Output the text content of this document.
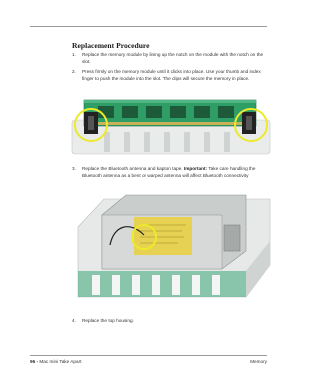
Replacement Procedure
1. Replace the memory module by lining up the notch on the module with the notch on the slot.
2. Press firmly on the memory module until it clicks into place. Use your thumb and index finger to push the module into the slot. The clips will secure the memory in place.
3. Replace the Bluetooth antenna and kapton tape. Important: Take care handling the Bluetooth antenna as a bent or warped antenna will affect Bluetooth connectivity
4. Replace the top housing.
96 - Mac mini Take Apart	Memory
